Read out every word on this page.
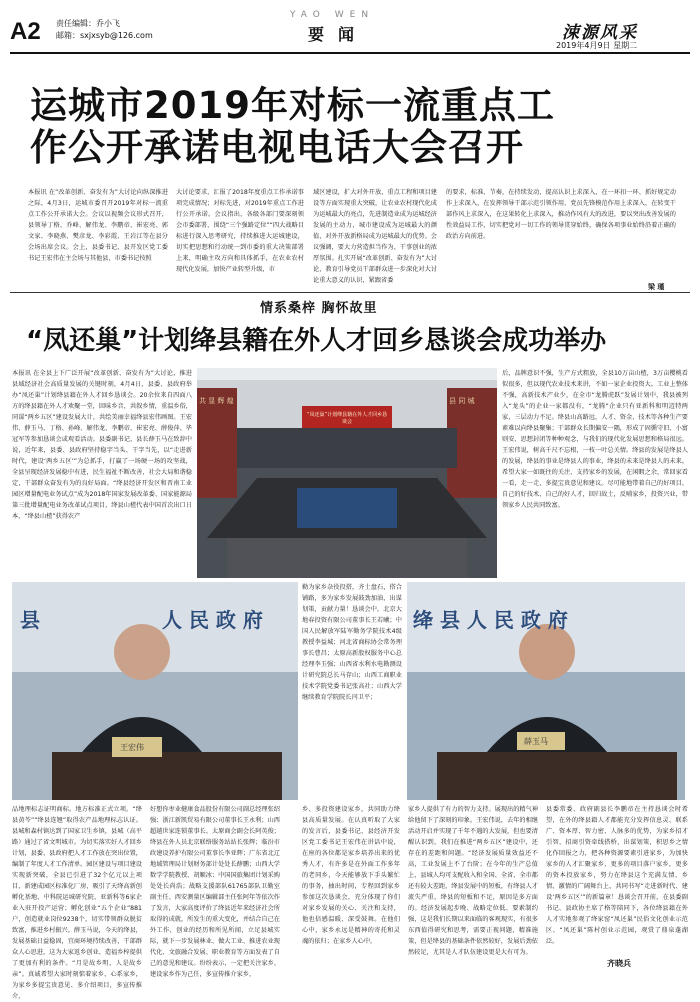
A2 责任编辑：乔小飞
邮箱：sxjxsyb@126.com
YAO WEN
要闻	涑源风采
2019年4月9日 星期二
运城市2019年对标一流重点工
作公开承诺电视电话大会召开
本报讯 在“改革创新、奋发有为”大讨论向纵深推进之际，4月3日，运城市委召开2019年对标一流重点工作公开承诺大会。会议以视频会议形式召开，县领导丁格、乔峰、解伟龙、李鹏帝、崔宏亮、郭文家、李晓燕、樊彦龙、李彩霞、王岩江等在县分会场出席会议。会上，县委书记、县开发区党工委书记王宏伟在主会场与其他县、市委书记按照
大讨论要求，汇报了2018年度重点工作承诺事项完成情况；对标先进，对2019年重点工作进行公开承诺。会议指出，各级各部门要深刻领会市委部署，围绕“三个强路定位”“四大战略目标进行深入思考研究，持续推进大运城建设，切实把思想和行动统一到市委的重大决策部署上来，明确主攻方向和具体抓手，在农业农村现代化发展，加快产业转型升级，市
域区建设，扩大对外开放，重点工程和项目建设等方面实现重大突破，让农业农村现代化成为运城最大的亮点，先进制造业成为运城经济发展的主动力，城市建设成为运城最大的颜值，对外开放新格局成为运城最大的优势。会议强调，要大力营造担当作为、干事创业的浓厚氛围。扎实开展“改革创新、奋发有为”大讨论，教育引导党员干部群众进一步深化对大讨论重大意义的认识，紧跟省委
的要求，标准、节奏，在持续发动，提高认识上求深入，在一环扣一环、抓好规定动作上求深入，在发挥领导干部示范引领作用、党员先锋模范作用上求深入，在转变干部作风上求深入，在这果转化上求深入，推动作风有大的改进，要以突出改善发展的性效益局工作，切实把党对一切工作的领导贯穿始终，确保各项事业始终沿着正确的政治方向前进。
梁 瑾
情系桑梓 胸怀故里
“凤还巢”计划绛县籍在外人才回乡恳谈会成功举办
本报讯 在全县上下广泛开展“改革创新、奋发有为”大讨论，推进县域经济社会高质量发展的关键时刻，4月4日，县委、县政府举办“凤还巢”计划绛县籍在外人才回乡恳谈会。20余位来自四面八方的绛县籍在外人才欢聚一堂，回味乡音，共叙乡情，重温乡俗，同谋“两乡五区”建设发展大计，共绘美丽幸福绛县宏伟画图。王宏伟、薛玉马、丁格、孙峰、解伟龙、李鹏帝、崔宏亮、薛俊萍、毕冠军等参加恳谈会或观看活动。县委副书记、县长薛玉马在致辞中说，近年来，县委、县政府坚持稳字当头、干字当先，以“走进新时代，建设‘两乡五区’”为总抓手，打赢了一场硬一场的攻坚战，全县呈现经济发展稳中有进，民生福祉不断改善，社会大局和谐稳定，干部群众奋发有为的良好局面。“绛县经济开发区和晋南工业园区增量配电业务试点”成为2018年国家发展改革委、国家能源局第三批增量配电业务改革试点项目，绛县山楂代表中国首次出口日本，“绛县山楂”获得农产
“凤还巢”计划绛县籍在外人才回乡恳谈会
共 显 辉 煌	县 同 城
后，品牌意识不强，生产方式粗放，全县10万亩山楂，3万亩樱桃看似很多，但以现代农业技术来讲，不如一家企业投资大。工业上整体不强，高新技术产业少，在全市“龙腾虎跃”发展计划中，我县被列入“龙头”的企业一家都没有，“龙腾”企业只有亚新科和明迈特两家，三层动力不足。绛县山高路远，人才、资金、技术等各种生产要素难以向绛县聚集；干部群众长期偏安一隅，形成了固循守旧、小富则安、思想封闭等种种观念，与我们的现代化发展思想和格局很远。王宏伟说，树高千尺不忘根，一枝一叶总关情。绛县的发展是绛县人的发展，绛县的事业是绛县人的事业，绛县的未来是绛县人的未来。希望大家一如既往的关注、支持家乡的发展，在闲暇之余，常回家看一看，走一走，多提宝贵意见和建议。尽可能地带着自己的好项目、自己的好技术、自己的好人才，回归故土，反哺家乡，投资兴业，带领家乡人民共同致富。
勤为家乡杂役投搭，齐土盘石，搭合铺路，多为家乡发展鼓劲加油，出谋划策，贡献力量！恳谈会中，北京大地春投资有限公司董事长王若曦；中国人民解放军陆军勤务学院技术4级教授李益城；河北省商标协会常务理事长曹昌；太原高新股权服务中心总经理李玉强；山西省水利水电勘测设计研究院总长马存山；山西工商职业技术学院党委书记张高社；山西大学继续教育学院院长闫卫平；
人 民 政 府
县
王宏伟
绛 县 人 民 政 府
薛玉马
品地理标志证明商标。地方标准正式立项。“绛县黄芩”“绛县连翘”取得农产品地理标志认证。县城和森村镇达到了国家卫生乡镇，县城（高平路）通过了省文明城市。为切实落实好人才回乡计划，县委、县政府把人才工作放在突出位置，编制了年度人才工作清单。园区建设与项目建设实现新突破，全县已引进了32个亿元以上项目，新建成园区标准化厂房，吸引了天绛高新创孵化基地、中科院运城研究院、亚新科等6家企业入驻开投产运营；孵化创业“五个企业”881户，创造就业岗位9238个，切实带领群众脱贫致富，推进乡村振兴。薛玉马说，今天的绛县，发展基础日益稳固，宜商环境持续改善，干部群众人心思进，这为大家返乡创业、造福乡梓提供了更加有利的条件。“月是故乡明，人是故乡亲”。真诚希望大家时刻惦着家乡、心系家乡，为家乡多提宝贵意见、多介绍项目，多宣传推介，
好想你枣业健康食品股份有限公司副总经理张绍强；浙江新凯贸易有限公司董事长王永利；山西超越世家连锁董事长、太原商会副会长阿英俊；绛县在外人员北京联络服务站站长张辉；临汾市政建设养护有限公司董事长李亚辉；广东省北辽地域管理局计划财务部计处处长薛鹏；山西大学数学学院教授、胡顺冰；中国国旅集团计划采购处处长尚浩；战略支援部队61765部队卫勤室副主任、西安测量区编辑部主任张阿年等依次作了发言，大家高度评价了绛县近年来经济社会所取得的成就，所发生的重大变化，并结合自己在外工作、创业的经历和所见所闻，立足县城实际，就下一步发展林业、做大工业、推进农业现代化、文旅融合发展、职业教育等方面发表了自己的意见和建议。纷纷表示，一定把关注家乡、建设家乡作为己任，多宣传推介家乡，
乡、多投资建设家乡，共同助力绛县高质量发展。在认真听取了大家的发言后，县委书记、县经济开发区党工委书记王宏伟在讲话中说，在座的各位都是家乡培养出来的优秀人才，有许多是在外面工作多年的老同乡，今天能够放下手头繁忙的事务，抽出时间，专程回到家乡参加这次恳谈会，充分体现了你们对家乡发展的关心、关注和支持，他也倍感温暖、深受鼓舞。在他们心中，家乡永远是精神的寄托和灵魂的依归；在家乡人心中，
家乡人提供了有力的智力支持。展现出的精气神给他留下了深刻的印象。王宏伟说，去年的相继活动开启并实现了千年不遇的大发展，但也要清醒认识到，我们在推进“两乡五区”建设中，还存在的差距和问题。“经济发展质量效益还不高，工业发展上不了台阶；在今年的生产总值上，县城人均可支配收入和全国、全省、全市都还有较大差距，绛县发展中的短板，有绛县人才流失严重，绛县的短板和不足，原因是多方面的。经济发展起步晚、战略定位低、要素制约强，这是我们长期以来面临的客观现实，有很多东西值得研究和思考，需要正视问题，精准施策，但是绛县的基础条件依然较好，发展后劲依然较足，尤其是人才队伍建设更是大有可为。
县委常委、政府副县长李鹏帝在主持恳谈会时希望，在外的绛县籍人才都能充分发挥信息灵、联系广、资本厚、智力密、人脉多的优势，为家乡招才引智、招商引资牵线搭桥，出谋划策，积思乡之情化作回报之力，把各种资源要素引进家乡，为加快家乡的人才汇聚家乡、更多的项目落户家乡，更多的资本投放家乡，努力在绛县这个充满友情、乡情、激情的广阔舞台上，共同书写“走进新时代、建设‘两乡五区’”的新篇章！恳谈会召开前，在县委副书记、县政协主席了格等陪同下，各位绛县籍在外人才实地参观了绛家窑“凤还巢”民俗文化创业示范区、“凤还巢”陈村创业示范园，观赏了鼎泉蓬湖泛。
齐晓兵
